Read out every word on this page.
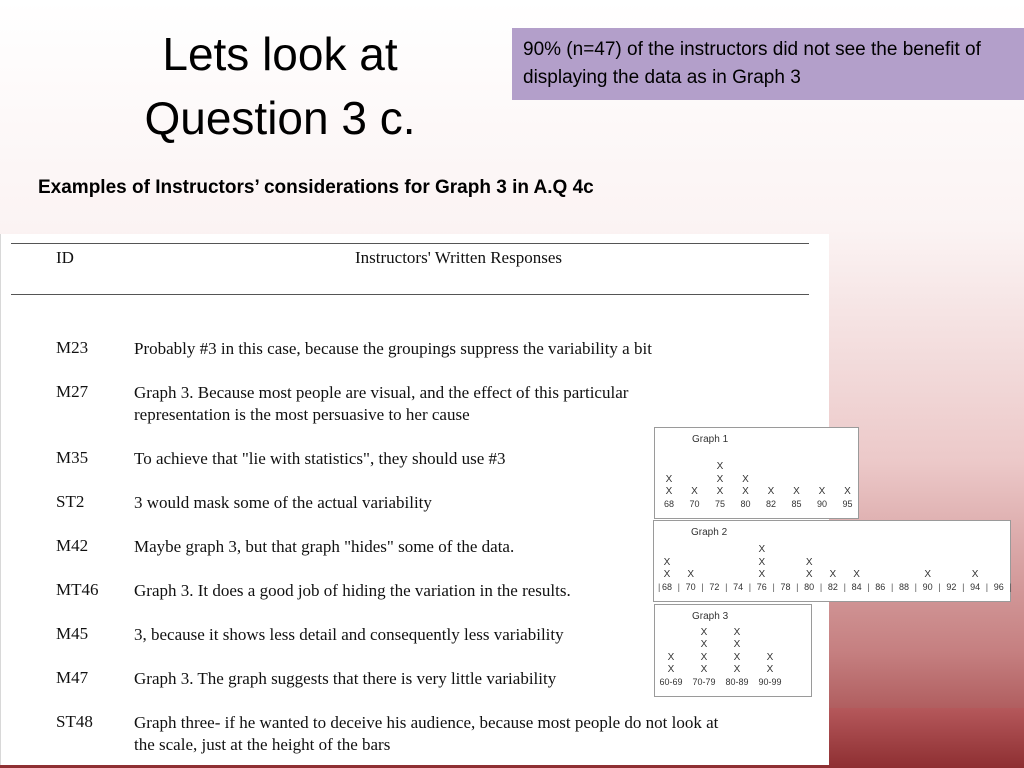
Lets look at
Question 3 c.
90% (n=47) of the instructors did not see the benefit of displaying the data as in Graph 3
Examples of Instructors’ considerations for Graph 3 in A.Q 4c
ID	Instructors' Written Responses
M23	Probably #3 in this case, because the groupings suppress the variability a bit
M27	Graph 3. Because most people are visual, and the effect of this particular
representation is the most persuasive to her cause
M35	To achieve that "lie with statistics", they should use #3
ST2	3 would mask some of the actual variability
M42	Maybe graph 3, but that graph "hides" some of the data.
MT46 Graph 3. It does a good job of hiding the variation in the results.
M45	3, because it shows less detail and consequently less variability
M47	Graph 3. The graph suggests that there is very little variability
ST48 Graph three- if he wanted to deceive his audience, because most people do not look at
the scale, just at the height of the bars
Graph 1
68
X
X
70
X
75
X
X
X
80
X
X
82
X
85
X
90
X
95
X
Graph 2
68 |
|
X
X
70 |
X
72 | 74 | 76 |
X
X
X
78 | 80 |
X
X
82 |
X
84 |
X
86 | 88 | 90 |
X
92 | 94 |
X
96 |
Graph 3
60-69
X
X
70-79
X
X
X
X
80-89
X
X
X
X
90-99
X
X
